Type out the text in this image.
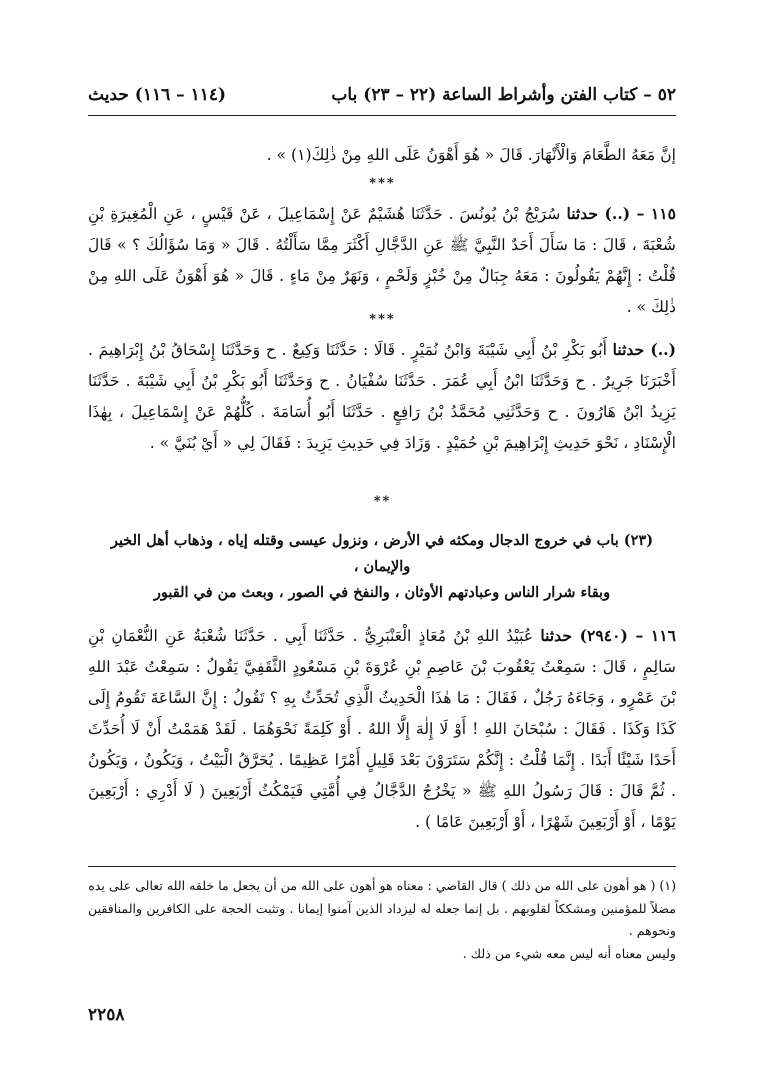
٥٢ – كتاب الفتن وأشراط الساعة (٢٢ – ٢٣) باب
(١١٤ – ١١٦) حديث
إنَّ مَعَهُ الطَّعَامَ وَالْأَنْهَارَ. قَالَ « هُوَ أَهْوَنُ عَلَى اللهِ مِنْ ذٰلِكَ(١) » .
***
١١٥ – (..) حدثنا سُرَيْجُ بْنُ يُونُسَ . حَدَّثَنَا هُشَيْمٌ عَنْ إِسْمَاعِيلَ ، عَنْ قَيْسٍ ، عَنِ الْمُغِيرَةِ بْنِ شُعْبَةَ ، قَالَ : مَا سَأَلَ أَحَدٌ النَّبِيَّ ﷺ عَنِ الدَّجَّالِ أَكْثَرَ مِمَّا سَأَلْتُهُ . قَالَ « وَمَا سُؤَالُكَ ؟ » قَالَ قُلْتُ : إِنَّهُمْ يَقُولُونَ : مَعَهُ جِبَالٌ مِنْ خُبْزٍ وَلَحْمٍ ، وَنَهَرٌ مِنْ مَاءٍ . قَالَ « هُوَ أَهْوَنُ عَلَى اللهِ مِنْ ذٰلِكَ » .
***
(..) حدثنا أَبُو بَكْرِ بْنُ أَبِي شَيْبَةَ وَابْنُ نُمَيْرٍ . قَالَا : حَدَّثَنَا وَكِيعٌ . ح وَحَدَّثَنَا إِسْحَاقُ بْنُ إِبْرَاهِيمَ . أَخْبَرَنَا جَرِيرٌ . ح وَحَدَّثَنَا ابْنُ أَبِي عُمَرَ . حَدَّثَنَا سُفْيَانُ . ح وَحَدَّثَنَا أَبُو بَكْرِ بْنُ أَبِي شَيْبَةَ . حَدَّثَنَا يَزِيدُ ابْنُ هَارُونَ . ح وَحَدَّثَنِي مُحَمَّدُ بْنُ رَافِعٍ . حَدَّثَنَا أَبُو أُسَامَةَ . كُلُّهُمْ عَنْ إِسْمَاعِيلَ ، بِهٰذَا الْإِسْنَادِ ، نَحْوَ حَدِيثِ إِبْرَاهِيمَ بْنِ حُمَيْدٍ . وَزَادَ فِي حَدِيثِ يَزِيدَ : فَقَالَ لِي « أَيْ بُنَيَّ » .
**
(٢٣) باب في خروج الدجال ومكثه في الأرض ، ونزول عيسى وقتله إياه ، وذهاب أهل الخير والإيمان ،
وبقاء شرار الناس وعبادتهم الأوثان ، والنفخ في الصور ، وبعث من في القبور
١١٦ – (٢٩٤٠) حدثنا عُبَيْدُ اللهِ بْنُ مُعَاذٍ الْعَنْبَرِيُّ . حَدَّثَنَا أَبِي . حَدَّثَنَا شُعْبَةُ عَنِ النُّعْمَانِ بْنِ سَالِمٍ ، قَالَ : سَمِعْتُ يَعْقُوبَ بْنَ عَاصِمِ بْنِ عُرْوَةَ بْنِ مَسْعُودٍ الثَّقَفِيَّ يَقُولُ : سَمِعْتُ عَبْدَ اللهِ بْنَ عَمْرٍو ، وَجَاءَهُ رَجُلٌ ، فَقَالَ : مَا هٰذَا الْحَدِيثُ الَّذِي تُحَدِّثُ بِهِ ؟ تَقُولُ : إِنَّ السَّاعَةَ تَقُومُ إِلَى كَذَا وَكَذَا . فَقَالَ : سُبْحَانَ اللهِ ! أَوْ لَا إِلٰهَ إِلَّا اللهُ . أَوْ كَلِمَةً نَحْوَهُمَا . لَقَدْ هَمَمْتُ أَنْ لَا أُحَدِّثَ أَحَدًا شَيْئًا أَبَدًا . إِنَّمَا قُلْتُ : إِنَّكُمْ سَتَرَوْنَ بَعْدَ قَلِيلٍ أَمْرًا عَظِيمًا . يُحَرَّقُ الْبَيْتُ ، وَيَكُونُ ، وَيَكُونُ . ثُمَّ قَالَ : قَالَ رَسُولُ اللهِ ﷺ « يَخْرُجُ الدَّجَّالُ فِي أُمَّتِي فَيَمْكُثُ أَرْبَعِينَ ( لَا أَدْرِي : أَرْبَعِينَ يَوْمًا ، أَوْ أَرْبَعِينَ شَهْرًا ، أَوْ أَرْبَعِينَ عَامًا ) .
(١) ( هو أهون على الله من ذلك ) قال القاضي : معناه هو أهون على الله من أن يجعل ما خلقه الله تعالى على يده
مضلاً للمؤمنين ومشككاً لقلوبهم . بل إنما جعله له ليزداد الذين آمنوا إيمانا . وتثبت الحجة على الكافرين والمنافقين ونحوهم .
وليس معناه أنه ليس معه شيء من ذلك .
٢٢٥٨
